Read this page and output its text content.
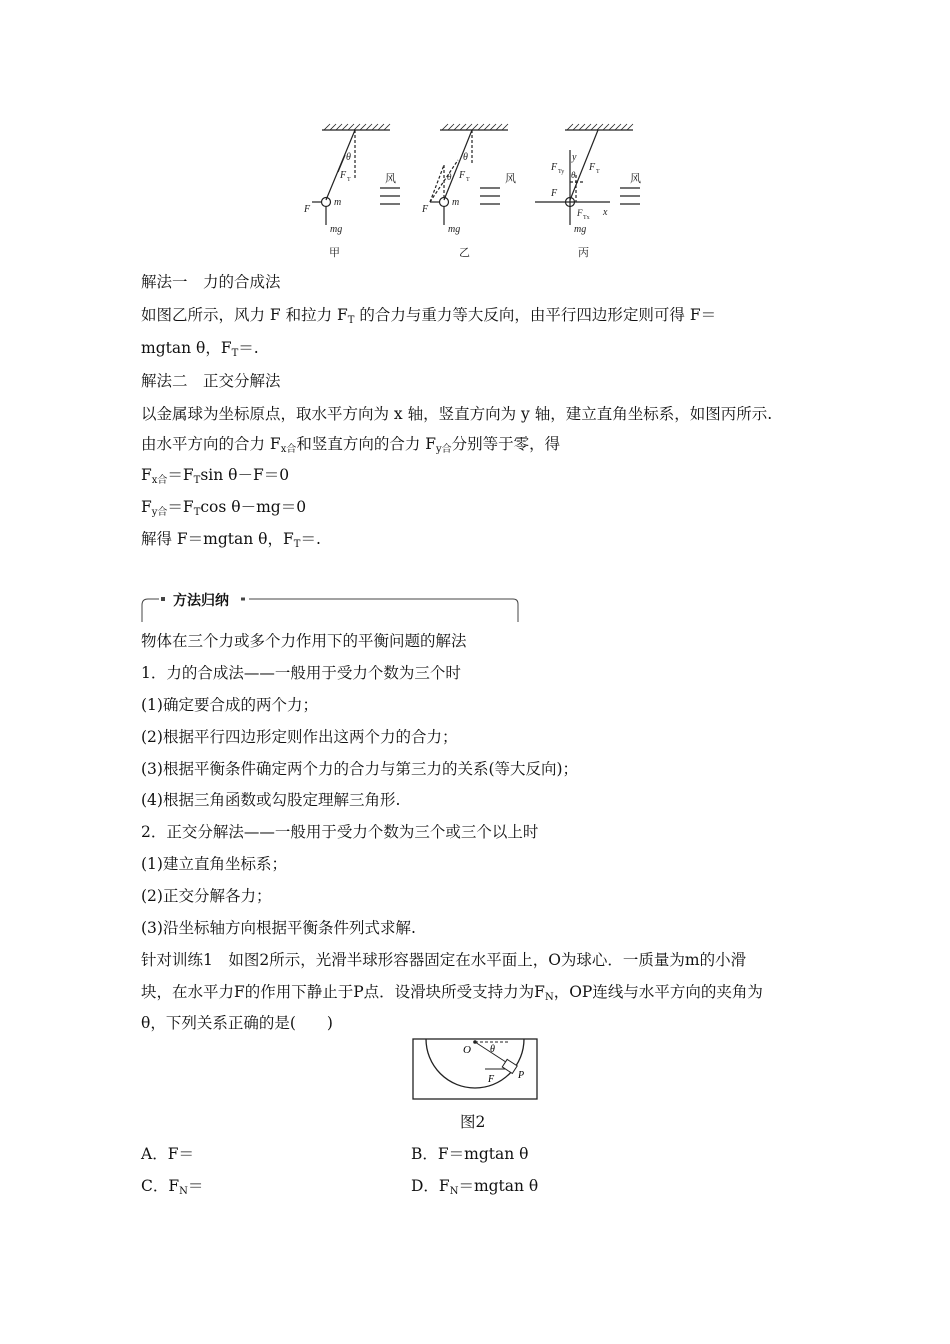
θ
F T
m
F
mg
风
甲
θ
F T
θ
m
F
mg
风
乙
y
F Ty θ
F T
F
F Tx x
mg
风
丙
解法一　力的合成法
如图乙所示，风力 F 和拉力 $F_T$ 的合力与重力等大反向，由平行四边形定则可得 F＝
mgtan θ，$F_T=$.
解法二　正交分解法
以金属球为坐标原点，取水平方向为 x 轴，竖直方向为 y 轴，建立直角坐标系，如图丙所示.
由水平方向的合力 $F_{x合}$和竖直方向的合力 $F_{y合}$分别等于零，得
$F_{x合}=F_T\sin$ θ－F＝0
$F_{y合}=F_T\cos$ θ－mg＝0
解得 F＝mgtan θ，$F_T=$.
方法归纳
物体在三个力或多个力作用下的平衡问题的解法
1．力的合成法——一般用于受力个数为三个时
(1)确定要合成的两个力；
(2)根据平行四边形定则作出这两个力的合力；
(3)根据平衡条件确定两个力的合力与第三力的关系(等大反向)；
(4)根据三角函数或勾股定理解三角形.
2．正交分解法——一般用于受力个数为三个或三个以上时
(1)建立直角坐标系；
(2)正交分解各力；
(3)沿坐标轴方向根据平衡条件列式求解.
针对训练1　如图2所示，光滑半球形容器固定在水平面上，O为球心．一质量为m的小滑
块，在水平力F的作用下静止于P点．设滑块所受支持力为$F_N$，OP连线与水平方向的夹角为
θ，下列关系正确的是(　　)
O θ
F P
图2
A．F＝	B．F＝mgtan θ
C．$F_N=$	D．$F_N=mgtan$ θ
